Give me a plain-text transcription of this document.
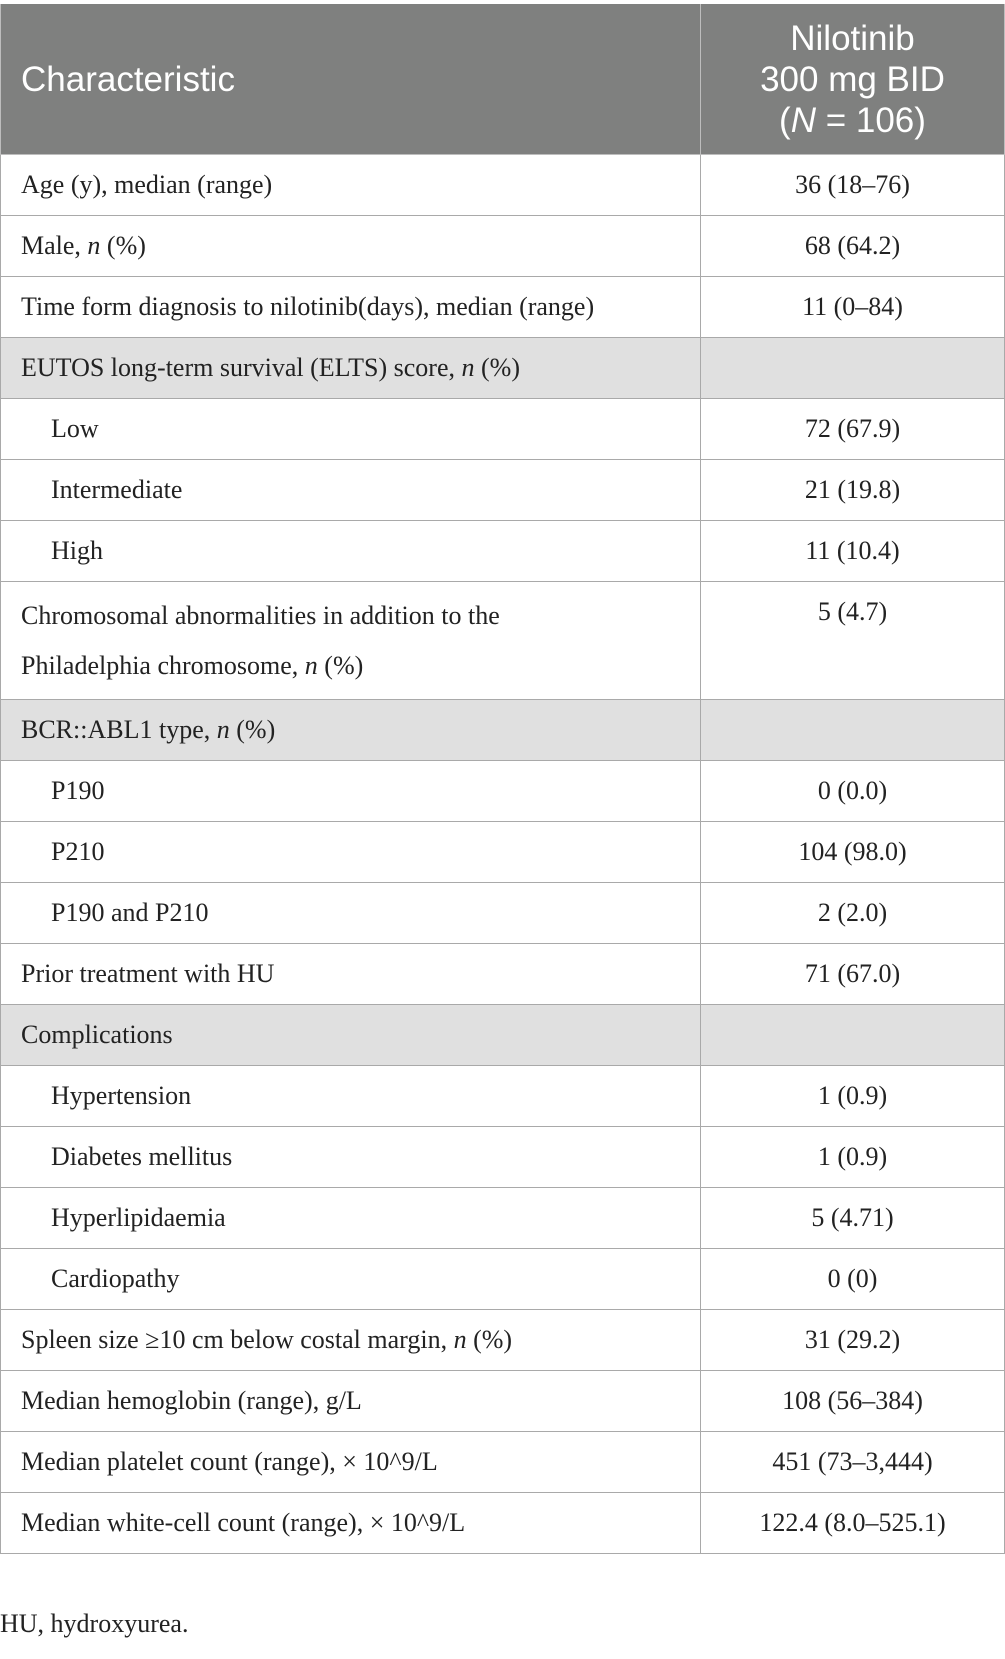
Characteristic	Nilotinib
300 mg BID
(N = 106)

Age (y), median (range)	36 (18–76)
Male, n (%)	68 (64.2)
Time form diagnosis to nilotinib(days), median (range)	11 (0–84)
EUTOS long-term survival (ELTS) score, n (%)	
Low	72 (67.9)
Intermediate	21 (19.8)
High	11 (10.4)

Chromosomal abnormalities in addition to the
Philadelphia chromosome, n (%)	5 (4.7)
BCR::ABL1 type, n (%)	
P190	0 (0.0)
P210	104 (98.0)
P190 and P210	2 (2.0)
Prior treatment with HU	71 (67.0)
Complications	
Hypertension	1 (0.9)
Diabetes mellitus	1 (0.9)
Hyperlipidaemia	5 (4.71)
Cardiopathy	0 (0)
Spleen size ≥10 cm below costal margin, n (%)	31 (29.2)
Median hemoglobin (range), g/L	108 (56–384)
Median platelet count (range), × 10^9/L	451 (73–3,444)
Median white-cell count (range), × 10^9/L	122.4 (8.0–525.1)
HU, hydroxyurea.
